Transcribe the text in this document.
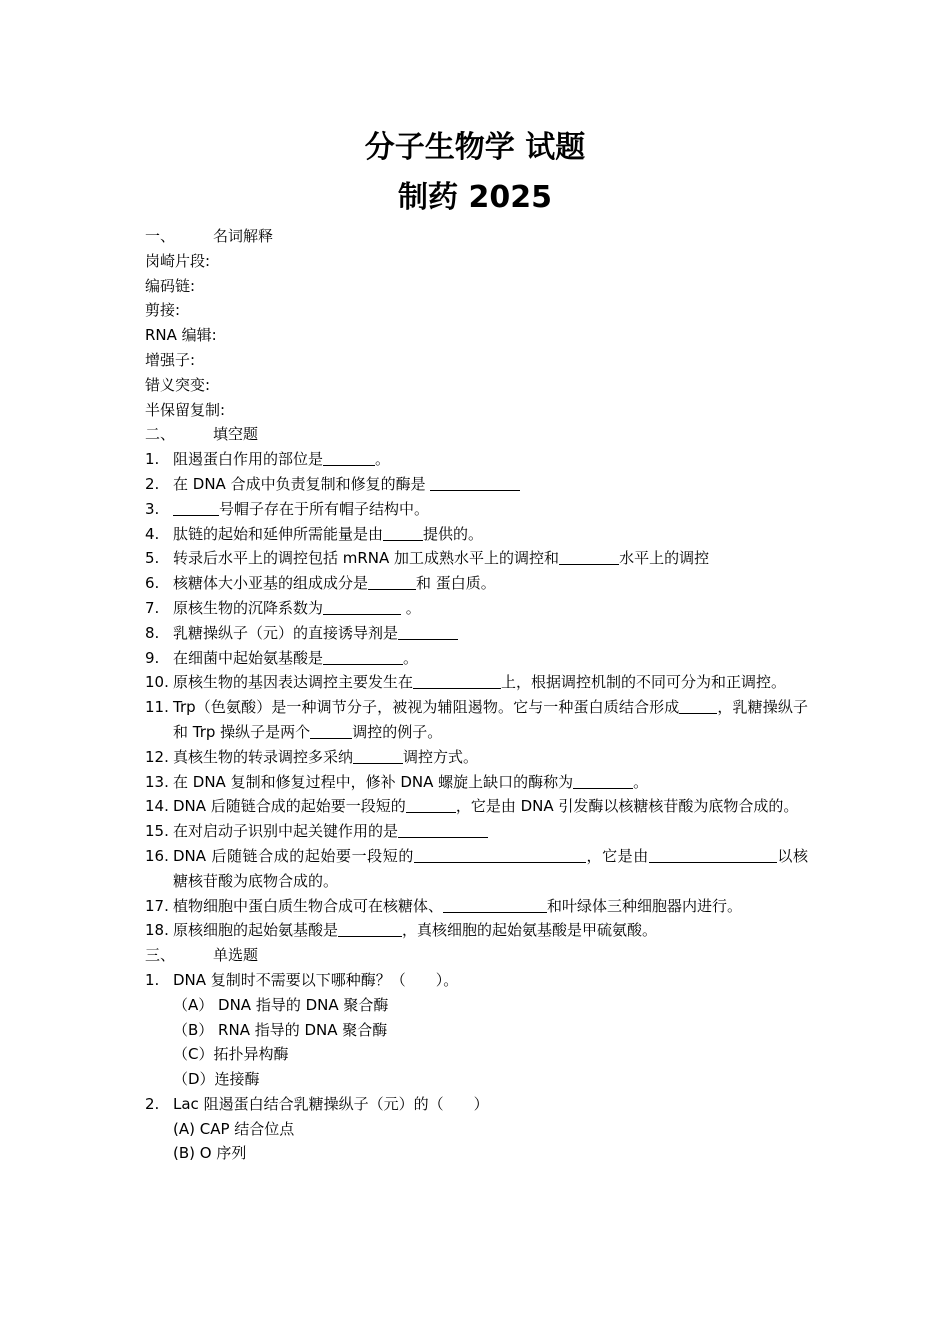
分子生物学 试题
制药 2025
一、	名词解释
岗崎片段:
编码链:
剪接:
RNA 编辑:
增强子:
错义突变:
半保留复制:
二、	填空题
1. 阻遏蛋白作用的部位是	。
2. 在 DNA 合成中负责复制和修复的酶是
3.	号帽子存在于所有帽子结构中。
4. 肽链的起始和延伸所需能量是由	提供的。
5. 转录后水平上的调控包括 mRNA 加工成熟水平上的调控和	水平上的调控
6. 核糖体大小亚基的组成成分是	和 蛋白质。
7. 原核生物的沉降系数为	。
8. 乳糖操纵子（元）的直接诱导剂是
9. 在细菌中起始氨基酸是	。
10. 原核生物的基因表达调控主要发生在	上，根据调控机制的不同可分为和正调控。
11. Trp（色氨酸）是一种调节分子，被视为辅阻遏物。它与一种蛋白质结合形成	，乳糖操纵子和 Trp 操纵子是两个	调控的例子。
12. 真核生物的转录调控多采纳	调控方式。
13. 在 DNA 复制和修复过程中，修补 DNA 螺旋上缺口的酶称为	。
14. DNA 后随链合成的起始要一段短的	，它是由 DNA 引发酶以核糖核苷酸为底物合成的。
15. 在对启动子识别中起关键作用的是
16. DNA 后随链合成的起始要一段短的	，它是由	以核糖核苷酸为底物合成的。
17. 植物细胞中蛋白质生物合成可在核糖体、	和叶绿体三种细胞器内进行。
18. 原核细胞的起始氨基酸是	，真核细胞的起始氨基酸是甲硫氨酸。
三、	单选题
1. DNA 复制时不需要以下哪种酶？（　　）。
（A） DNA 指导的 DNA 聚合酶
（B） RNA 指导的 DNA 聚合酶
（C）拓扑异构酶
（D）连接酶
2. Lac 阻遏蛋白结合乳糖操纵子（元）的（　　）
(A) CAP 结合位点
(B) O 序列
